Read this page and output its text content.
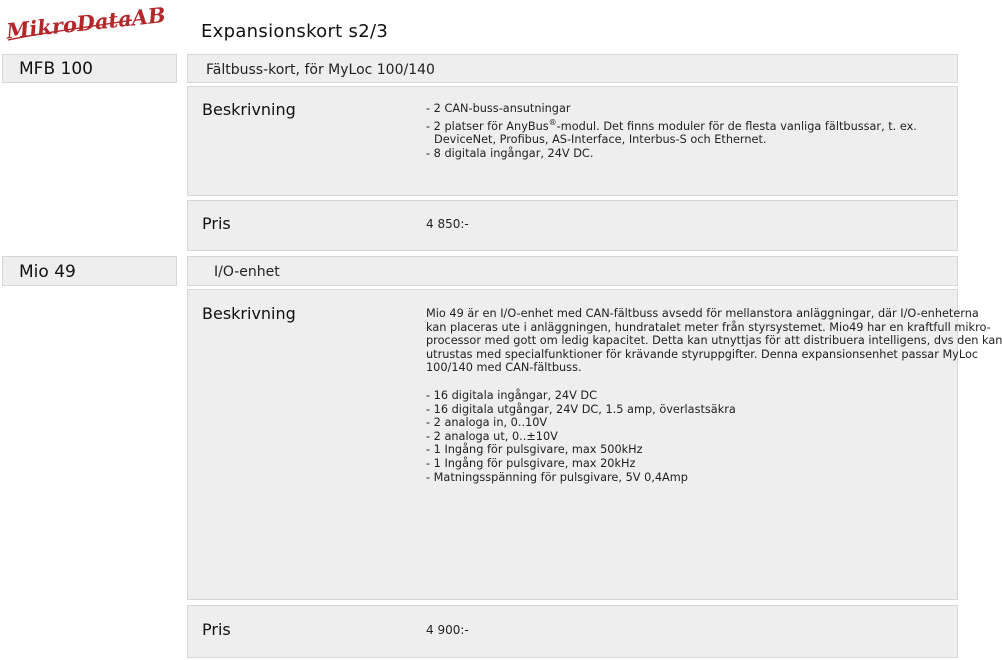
MikroDataAB Expansionskort s2/3
MFB 100	Fältbuss-kort, för MyLoc 100/140
Beskrivning	- 2 CAN-buss-ansutningar
- 2 platser för AnyBus®-modul. Det finns moduler för de flesta vanliga fältbussar, t. ex.
DeviceNet, Profibus, AS-Interface, Interbus-S och Ethernet.
- 8 digitala ingångar, 24V DC.
Pris	4 850:-
Mio 49	I/O-enhet
Beskrivning	Mio 49 är en I/O-enhet med CAN-fältbuss avsedd för mellanstora anläggningar, där I/O-enheterna
kan placeras ute i anläggningen, hundratalet meter från styrsystemet. Mio49 har en kraftfull mikro-
processor med gott om ledig kapacitet. Detta kan utnyttjas för att distribuera intelligens, dvs den kan
utrustas med specialfunktioner för krävande styruppgifter. Denna expansionsenhet passar MyLoc
100/140 med CAN-fältbuss.
- 16 digitala ingångar, 24V DC
- 16 digitala utgångar, 24V DC, 1.5 amp, överlastsäkra
- 2 analoga in, 0..10V
- 2 analoga ut, 0..±10V
- 1 Ingång för pulsgivare, max 500kHz
- 1 Ingång för pulsgivare, max 20kHz
- Matningsspänning för pulsgivare, 5V 0,4Amp
Pris	4 900:-
